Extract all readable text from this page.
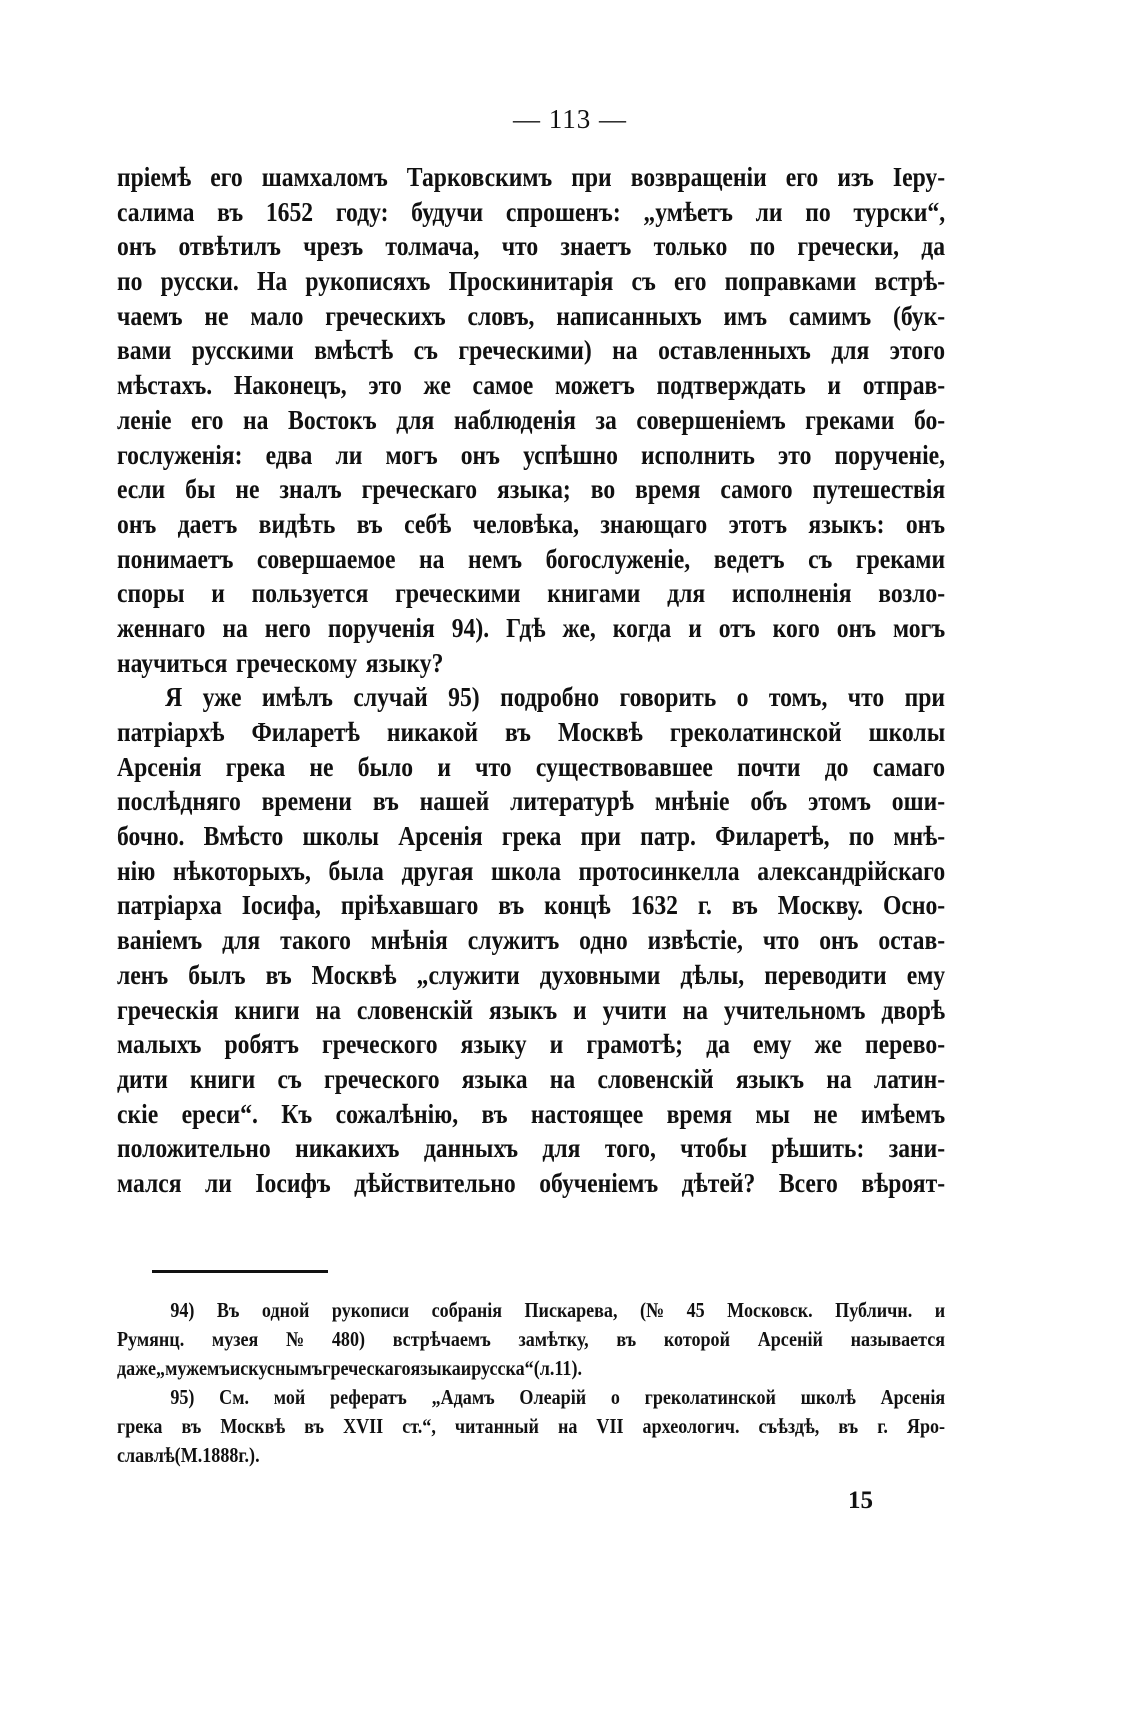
— 113 —
пріемѣ его шамхаломъ Тарковскимъ при возвращеніи его изъ Іеру-
салима въ 1652 году: будучи спрошенъ: „умѣетъ ли по турски“,
онъ отвѣтилъ чрезъ толмача, что знаетъ только по гречески, да
по русски. На рукописяхъ Проскинитарія съ его поправками встрѣ-
чаемъ не мало греческихъ словъ, написанныхъ имъ самимъ (бук-
вами русскими вмѣстѣ съ греческими) на оставленныхъ для этого
мѣстахъ. Наконецъ, это же самое можетъ подтверждать и отправ-
леніе его на Востокъ для наблюденія за совершеніемъ греками бо-
гослуженія: едва ли могъ онъ успѣшно исполнить это порученіе,
если бы не зналъ греческаго языка; во время самого путешествія
онъ даетъ видѣть въ себѣ человѣка, знающаго этотъ языкъ: онъ
понимаетъ совершаемое на немъ богослуженіе, ведетъ съ греками
споры и пользуется греческими книгами для исполненія возло-
женнаго на него порученія 94). Гдѣ же, когда и отъ кого онъ могъ
научиться греческому языку?
Я уже имѣлъ случай 95) подробно говорить о томъ, что при
патріархѣ Филаретѣ никакой въ Москвѣ греколатинской школы
Арсенія грека не было и что существовавшее почти до самаго
послѣдняго времени въ нашей литературѣ мнѣніе объ этомъ оши-
бочно. Вмѣсто школы Арсенія грека при патр. Филаретѣ, по мнѣ-
нію нѣкоторыхъ, была другая школа протосинкелла александрійскаго
патріарха Іосифа, пріѣхавшаго въ концѣ 1632 г. въ Москву. Осно-
ваніемъ для такого мнѣнія служитъ одно извѣстіе, что онъ остав-
ленъ былъ въ Москвѣ „служити духовными дѣлы, переводити ему
греческія книги на словенскій языкъ и учити на учительномъ дворѣ
малыхъ робятъ греческого языку и грамотѣ; да ему же перево-
дити книги съ греческого языка на словенскій языкъ на латин-
скіе ереси“. Къ сожалѣнію, въ настоящее время мы не имѣемъ
положительно никакихъ данныхъ для того, чтобы рѣшить: зани-
мался ли Іосифъ дѣйствительно обученіемъ дѣтей? Всего вѣроят-
94) Въ одной рукописи собранія Пискарева, (№ 45 Московск. Публичн. и
Румянц. музея № 480) встрѣчаемъ замѣтку, въ которой Арсеній называется
даже „мужемъ искуснымъ греческаго языка и русска“ (л. 11).
95) См. мой рефератъ „Адамъ Олеарій о греколатинской школѣ Арсенія
грека въ Москвѣ въ XVII ст.“, читанный на VII археологич. съѣздѣ, въ г. Яро-
славлѣ (М. 1888 г.).
15
